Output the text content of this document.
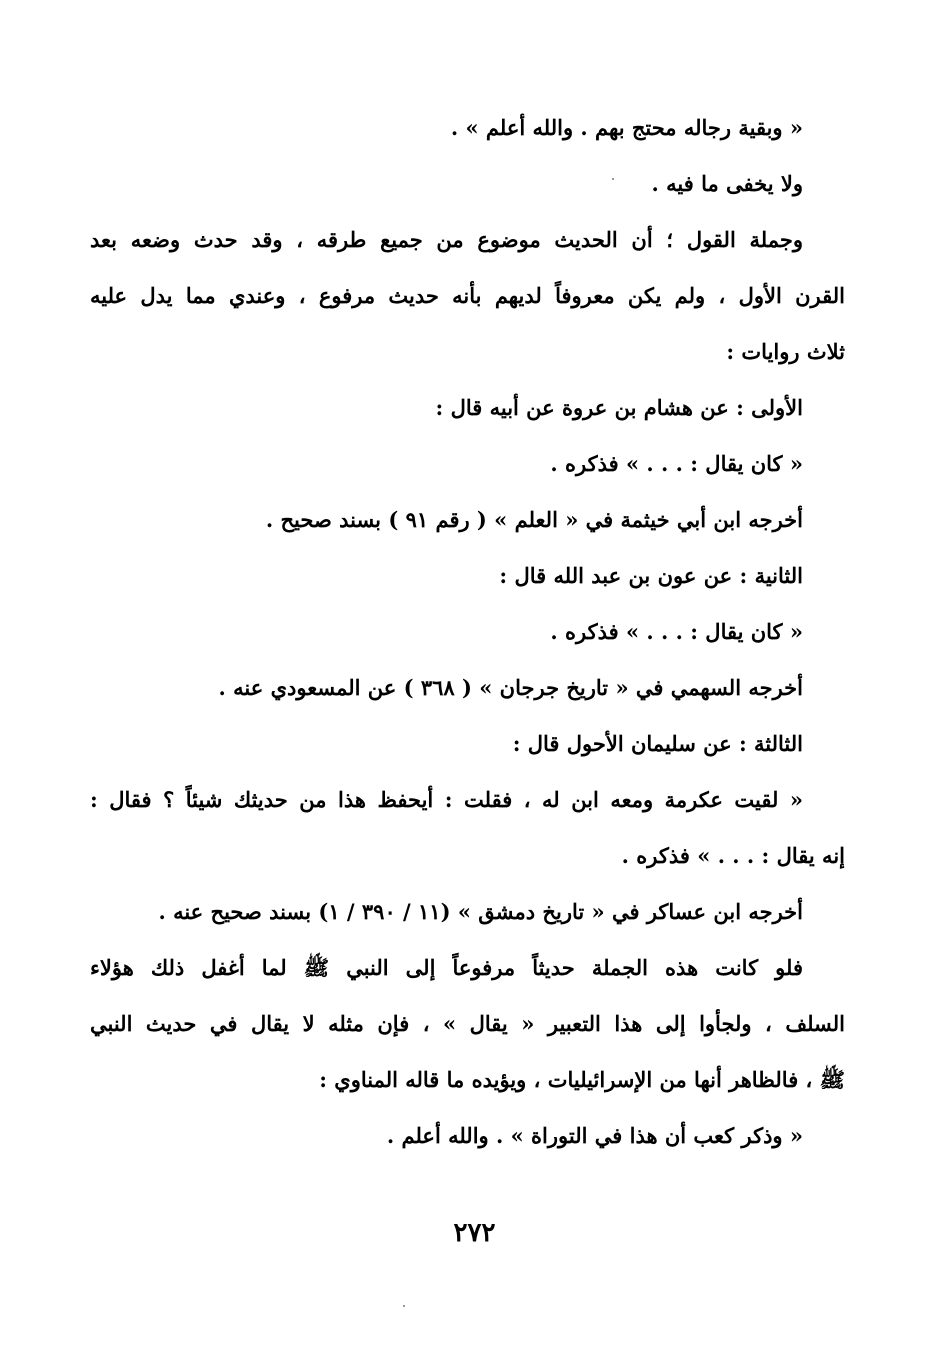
« وبقية رجاله محتج بهم . والله أعلم » .
ولا يخفى ما فيه .
وجملة القول ؛ أن الحديث موضوع من جميع طرقه ، وقد حدث وضعه بعد
القرن الأول ، ولم يكن معروفاً لديهم بأنه حديث مرفوع ، وعندي مما يدل عليه
ثلاث روايات :
الأولى : عن هشام بن عروة عن أبيه قال :
« كان يقال : . . . » فذكره .
أخرجه ابن أبي خيثمة في « العلم » ( رقم ٩١ ) بسند صحيح .
الثانية : عن عون بن عبد الله قال :
« كان يقال : . . . » فذكره .
أخرجه السهمي في « تاريخ جرجان » ( ٣٦٨ ) عن المسعودي عنه .
الثالثة : عن سليمان الأحول قال :
« لقيت عكرمة ومعه ابن له ، فقلت : أيحفظ هذا من حديثك شيئاً ؟ فقال :
إنه يقال : . . . » فذكره .
أخرجه ابن عساكر في « تاريخ دمشق » (١١ / ٣٩٠ / ١) بسند صحيح عنه .
فلو كانت هذه الجملة حديثاً مرفوعاً إلى النبي ﷺ لما أغفل ذلك هؤلاء
السلف ، ولجأوا إلى هذا التعبير « يقال » ، فإن مثله لا يقال في حديث النبي
ﷺ ، فالظاهر أنها من الإسرائيليات ، ويؤيده ما قاله المناوي :
« وذكر كعب أن هذا في التوراة » . والله أعلم .
٢٧٢
